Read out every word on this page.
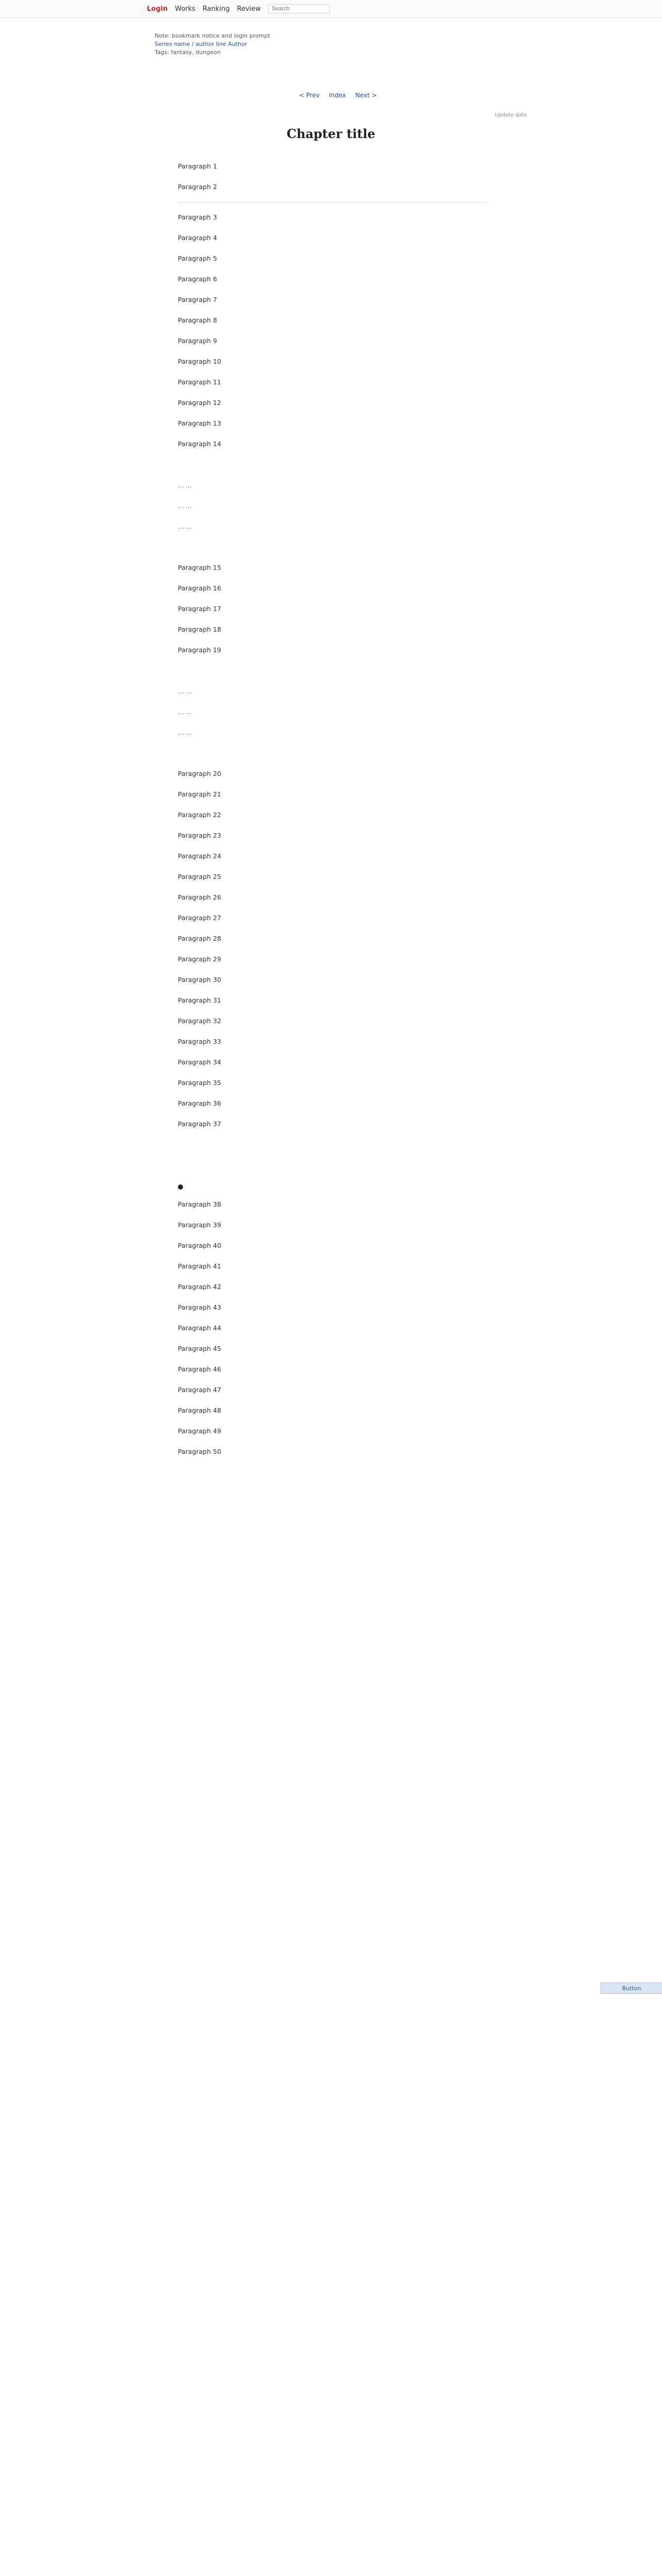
Login Works Ranking Review
Search
Note: bookmark notice and login prompt
Series name / author line Author
Tags: fantasy, dungeon
< Prev Index Next >
Update date
Chapter title
Paragraph 1
Paragraph 2
Paragraph 3
Paragraph 4
Paragraph 5
Paragraph 6
Paragraph 7
Paragraph 8
Paragraph 9
Paragraph 10
Paragraph 11
Paragraph 12
Paragraph 13
Paragraph 14
……
……
……
Paragraph 15
Paragraph 16
Paragraph 17
Paragraph 18
Paragraph 19
……
……
……
Paragraph 20
Paragraph 21
Paragraph 22
Paragraph 23
Paragraph 24
Paragraph 25
Paragraph 26
Paragraph 27
Paragraph 28
Paragraph 29
Paragraph 30
Paragraph 31
Paragraph 32
Paragraph 33
Paragraph 34
Paragraph 35
Paragraph 36
Paragraph 37
Paragraph 38
Paragraph 39
Paragraph 40
Paragraph 41
Paragraph 42
Paragraph 43
Paragraph 44
Paragraph 45
Paragraph 46
Paragraph 47
Paragraph 48
Paragraph 49
Paragraph 50
Button
